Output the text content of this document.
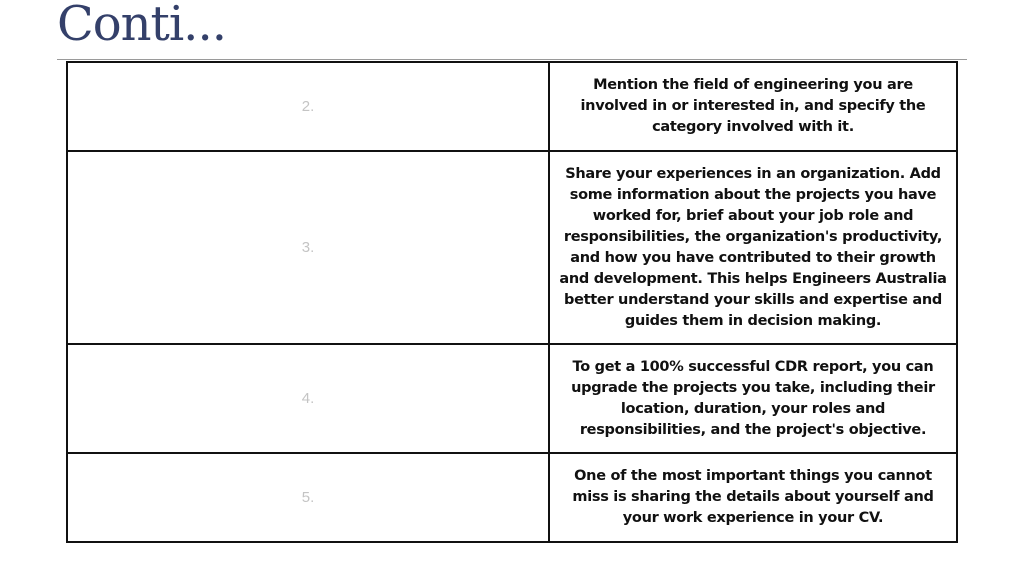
Conti...
2.	Mention the field of engineering you are involved in or interested in, and specify the category involved with it.
3.	Share your experiences in an organization. Add some information about the projects you have worked for, brief about your job role and responsibilities, the organization's productivity, and how you have contributed to their growth and development. This helps Engineers Australia better understand your skills and expertise and guides them in decision making.
4.	To get a 100% successful CDR report, you can upgrade the projects you take, including their location, duration, your roles and responsibilities, and the project's objective.
5.	One of the most important things you cannot miss is sharing the details about yourself and your work experience in your CV.
